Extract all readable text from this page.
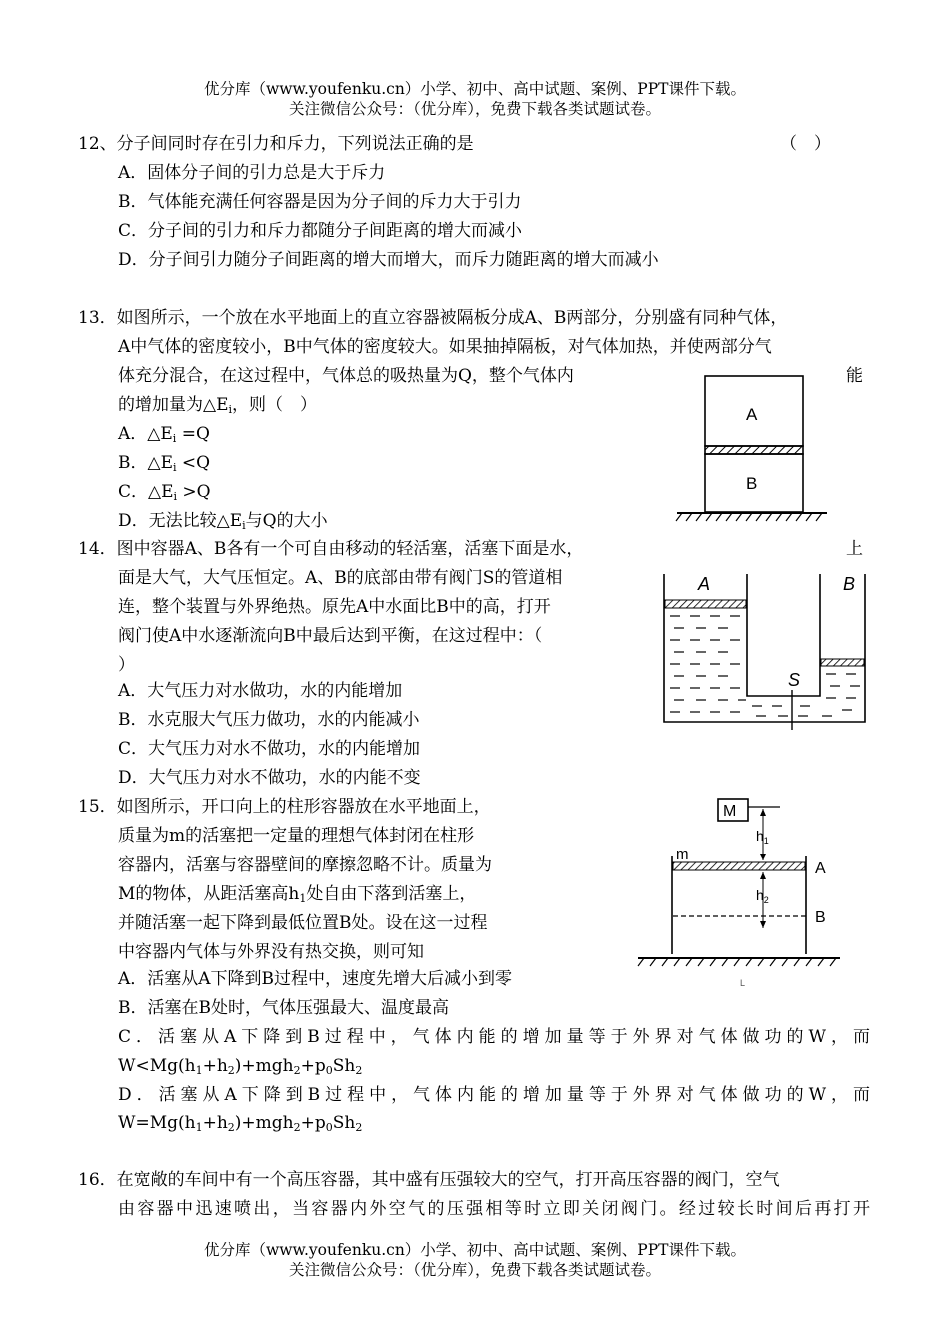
优分库（www.youfenku.cn）小学、初中、高中试题、案例、PPT课件下载。
关注微信公众号：（优分库），免费下载各类试题试卷。
12、分子间同时存在引力和斥力，下列说法正确的是	（　）
A．固体分子间的引力总是大于斥力
B．气体能充满任何容器是因为分子间的斥力大于引力
C．分子间的引力和斥力都随分子间距离的增大而减小
D．分子间引力随分子间距离的增大而增大，而斥力随距离的增大而减小
13．如图所示，一个放在水平地面上的直立容器被隔板分成A、B两部分，分别盛有同种气体，
A中气体的密度较小，B中气体的密度较大。如果抽掉隔板，对气体加热，并使两部分气
体充分混合，在这过程中，气体总的吸热量为Q，整个气体内	能
的增加量为$\triangle E_i$，则（　）
A．$\triangle E_i =Q$
B．$\triangle E_i <Q$
C．$\triangle E_i >Q$
D．无法比较$\triangle E_i$与Q的大小
A
B
14．图中容器A、B各有一个可自由移动的轻活塞，活塞下面是水，	上
面是大气，大气压恒定。A、B的底部由带有阀门S的管道相
连，整个装置与外界绝热。原先A中水面比B中的高，打开
阀门使A中水逐渐流向B中最后达到平衡，在这过程中：（
）
A．大气压力对水做功，水的内能增加
B．水克服大气压力做功，水的内能减小
C．大气压力对水不做功，水的内能增加
D．大气压力对水不做功，水的内能不变
A	B
S
15．如图所示，开口向上的柱形容器放在水平地面上，
质量为m的活塞把一定量的理想气体封闭在柱形
容器内，活塞与容器壁间的摩擦忽略不计。质量为
M的物体，从距活塞高$h_1$处自由下落到活塞上，
并随活塞一起下降到最低位置B处。设在这一过程
中容器内气体与外界没有热交换，则可知
A．活塞从A下降到B过程中，速度先增大后减小到零
B．活塞在B处时，气体压强最大、温度最高
C．活塞从A下降到B过程中，气体内能的增加量等于外界对气体做功的W，而
$W<Mg(h_1+h_2)+mgh_2+p_0Sh_2$
D．活塞从A下降到B过程中，气体内能的增加量等于外界对气体做功的W，而
$W=Mg(h_1+h_2)+mgh_2+p_0Sh_2$
M
$h_1$
m
A
$h_2$
B
L
16．在宽敞的车间中有一个高压容器，其中盛有压强较大的空气，打开高压容器的阀门，空气
由容器中迅速喷出，当容器内外空气的压强相等时立即关闭阀门。经过较长时间后再打开
优分库（www.youfenku.cn）小学、初中、高中试题、案例、PPT课件下载。
关注微信公众号：（优分库），免费下载各类试题试卷。
